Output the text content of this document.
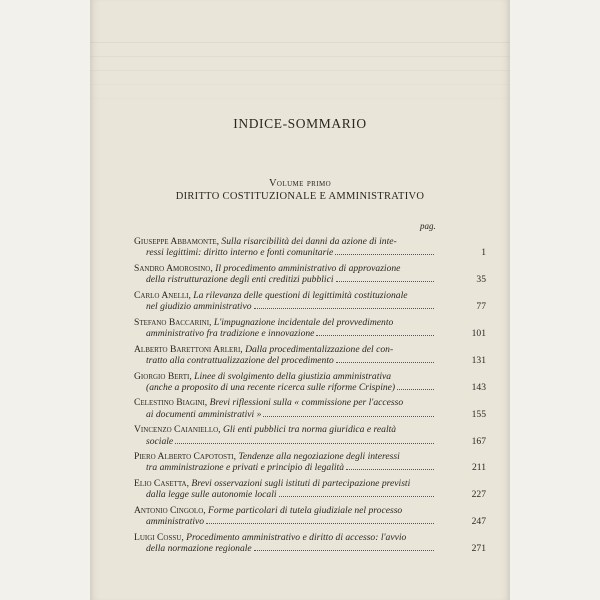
INDICE-SOMMARIO
Volume primo
DIRITTO COSTITUZIONALE E AMMINISTRATIVO
pag.
Giuseppe Abbamonte, Sulla risarcibilità dei danni da azione di inte-
ressi legittimi: diritto interno e fonti comunitarie	1
Sandro Amorosino, Il procedimento amministrativo di approvazione
della ristrutturazione degli enti creditizi pubblici	35
Carlo Anelli, La rilevanza delle questioni di legittimità costituzionale
nel giudizio amministrativo	77
Stefano Baccarini, L'impugnazione incidentale del provvedimento
amministrativo fra tradizione e innovazione	101
Alberto Barettoni Arleri, Dalla procedimentalizzazione del con-
tratto alla contrattualizzazione del procedimento	131
Giorgio Berti, Linee di svolgimento della giustizia amministrativa
(anche a proposito di una recente ricerca sulle riforme Crispine)	143
Celestino Biagini, Brevi riflessioni sulla « commissione per l'accesso
ai documenti amministrativi »	155
Vincenzo Caianiello, Gli enti pubblici tra norma giuridica e realtà
sociale	167
Piero Alberto Capotosti, Tendenze alla negoziazione degli interessi
tra amministrazione e privati e principio di legalità	211
Elio Casetta, Brevi osservazioni sugli istituti di partecipazione previsti
dalla legge sulle autonomie locali	227
Antonio Cingolo, Forme particolari di tutela giudiziale nel processo
amministrativo	247
Luigi Cossu, Procedimento amministrativo e diritto di accesso: l'avvio
della normazione regionale	271
